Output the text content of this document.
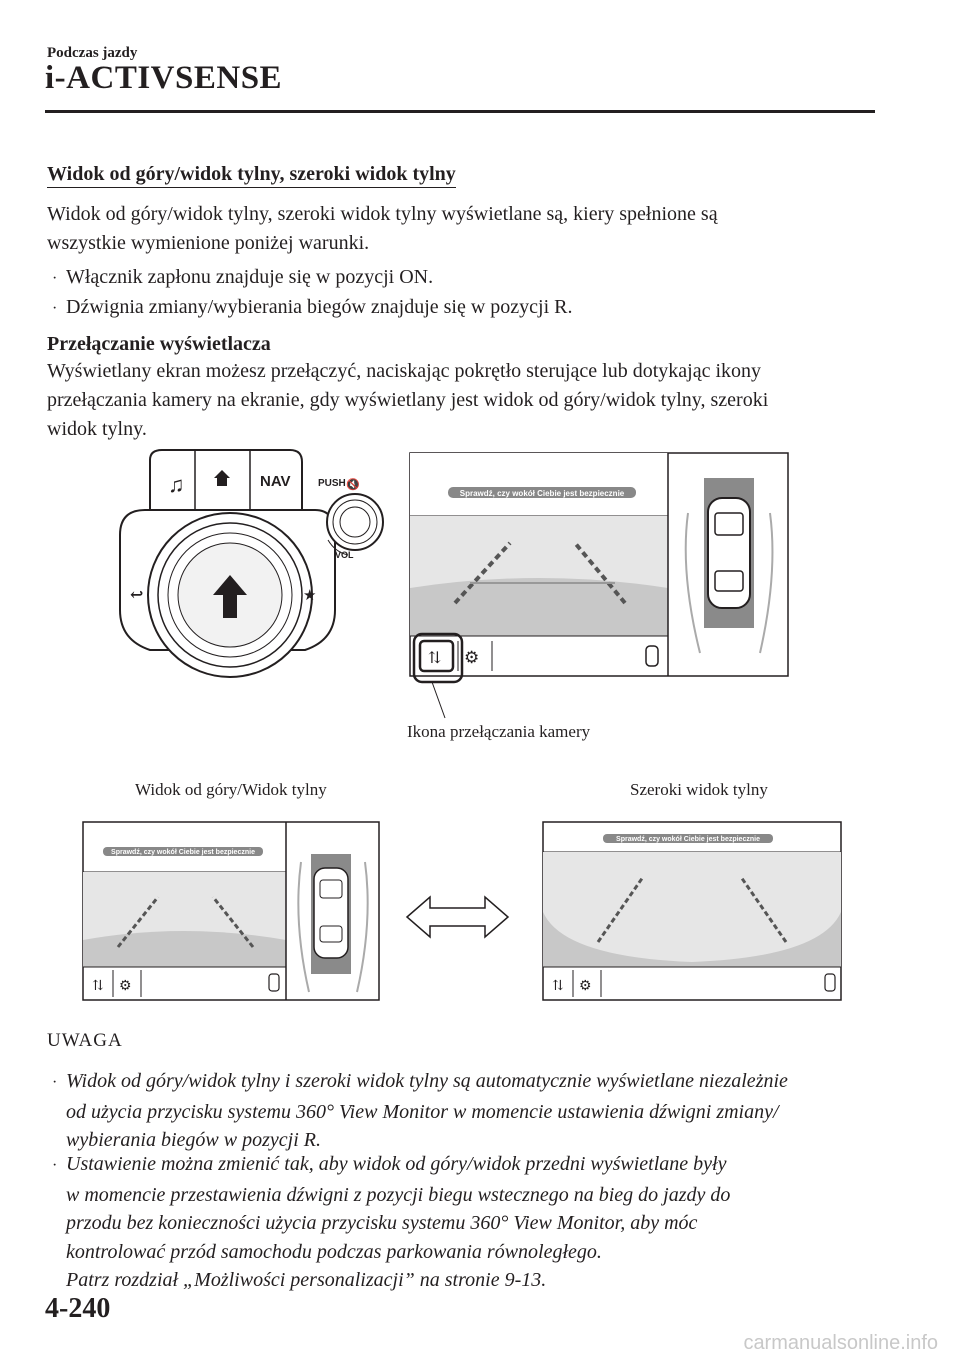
Podczas jazdy
i-ACTIVSENSE
Widok od góry/widok tylny, szeroki widok tylny
Widok od góry/widok tylny, szeroki widok tylny wyświetlane są, kiery spełnione są
wszystkie wymienione poniżej warunki.
· Włącznik zapłonu znajduje się w pozycji ON.
· Dźwignia zmiany/wybierania biegów znajduje się w pozycji R.
Przełączanie wyświetlacza
Wyświetlany ekran możesz przełączyć, naciskając pokrętło sterujące lub dotykając ikony
przełączania kamery na ekranie, gdy wyświetlany jest widok od góry/widok tylny, szeroki
widok tylny.
♫	NAV
↩	★
PUSH 🔇
VOL
Sprawdź, czy wokół Ciebie jest bezpiecznie
⇅ ⚙
Ikona przełączania kamery
Widok od góry/Widok tylny	Szeroki widok tylny
Sprawdź, czy wokół Ciebie jest bezpiecznie
⇅ ⚙
Sprawdź, czy wokół Ciebie jest bezpiecznie
⇅ ⚙
UWAGA
· Widok od góry/widok tylny i szeroki widok tylny są automatycznie wyświetlane niezależnie
od użycia przycisku systemu 360° View Monitor w momencie ustawienia dźwigni zmiany/
wybierania biegów w pozycji R.
· Ustawienie można zmienić tak, aby widok od góry/widok przedni wyświetlane były
w momencie przestawienia dźwigni z pozycji biegu wstecznego na bieg do jazdy do
przodu bez konieczności użycia przycisku systemu 360° View Monitor, aby móc
kontrolować przód samochodu podczas parkowania równoległego.
Patrz rozdział „Możliwości personalizacji” na stronie 9-13.
4-240
carmanualsonline.info
